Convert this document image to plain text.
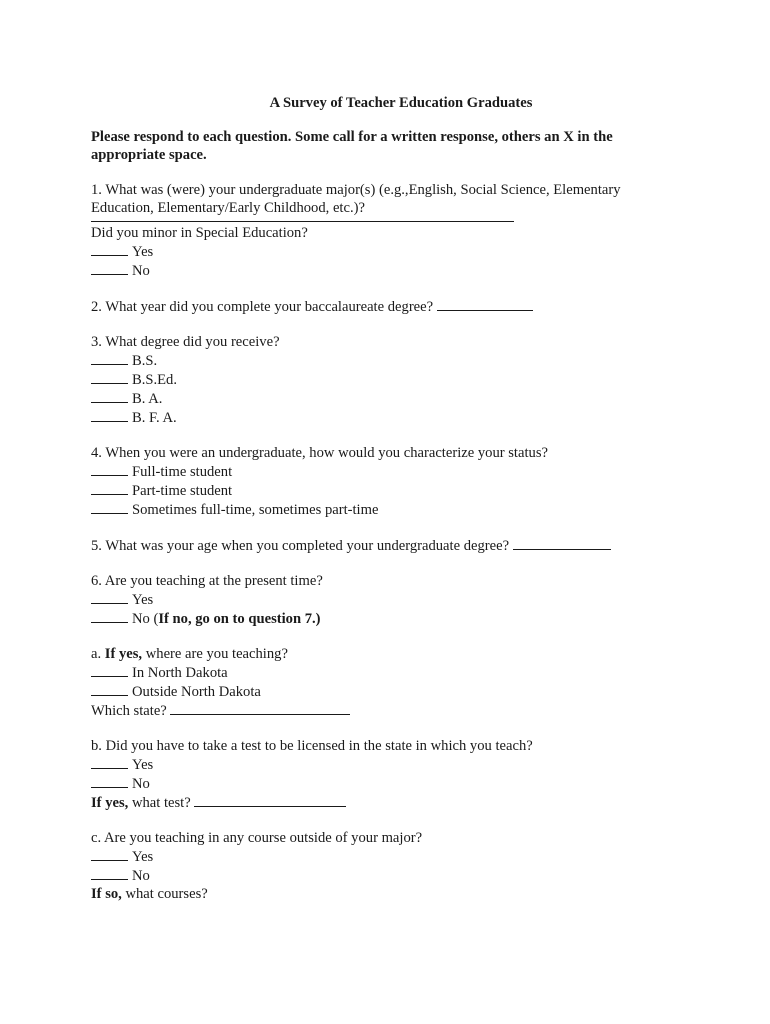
A Survey of Teacher Education Graduates
Please respond to each question. Some call for a written response, others an X in the appropriate space.
1. What was (were) your undergraduate major(s) (e.g.,English, Social Science, Elementary Education, Elementary/Early Childhood, etc.)?
Did you minor in Special Education?
Yes
No
2. What year did you complete your baccalaureate degree?
3. What degree did you receive?
B.S.
B.S.Ed.
B. A.
B. F. A.
4. When you were an undergraduate, how would you characterize your status?
Full-time student
Part-time student
Sometimes full-time, sometimes part-time
5. What was your age when you completed your undergraduate degree?
6. Are you teaching at the present time?
Yes
No (If no, go on to question 7.)
a. If yes, where are you teaching?
In North Dakota
Outside North Dakota
Which state?
b. Did you have to take a test to be licensed in the state in which you teach?
Yes
No
If yes, what test?
c. Are you teaching in any course outside of your major?
Yes
No
If so, what courses?
